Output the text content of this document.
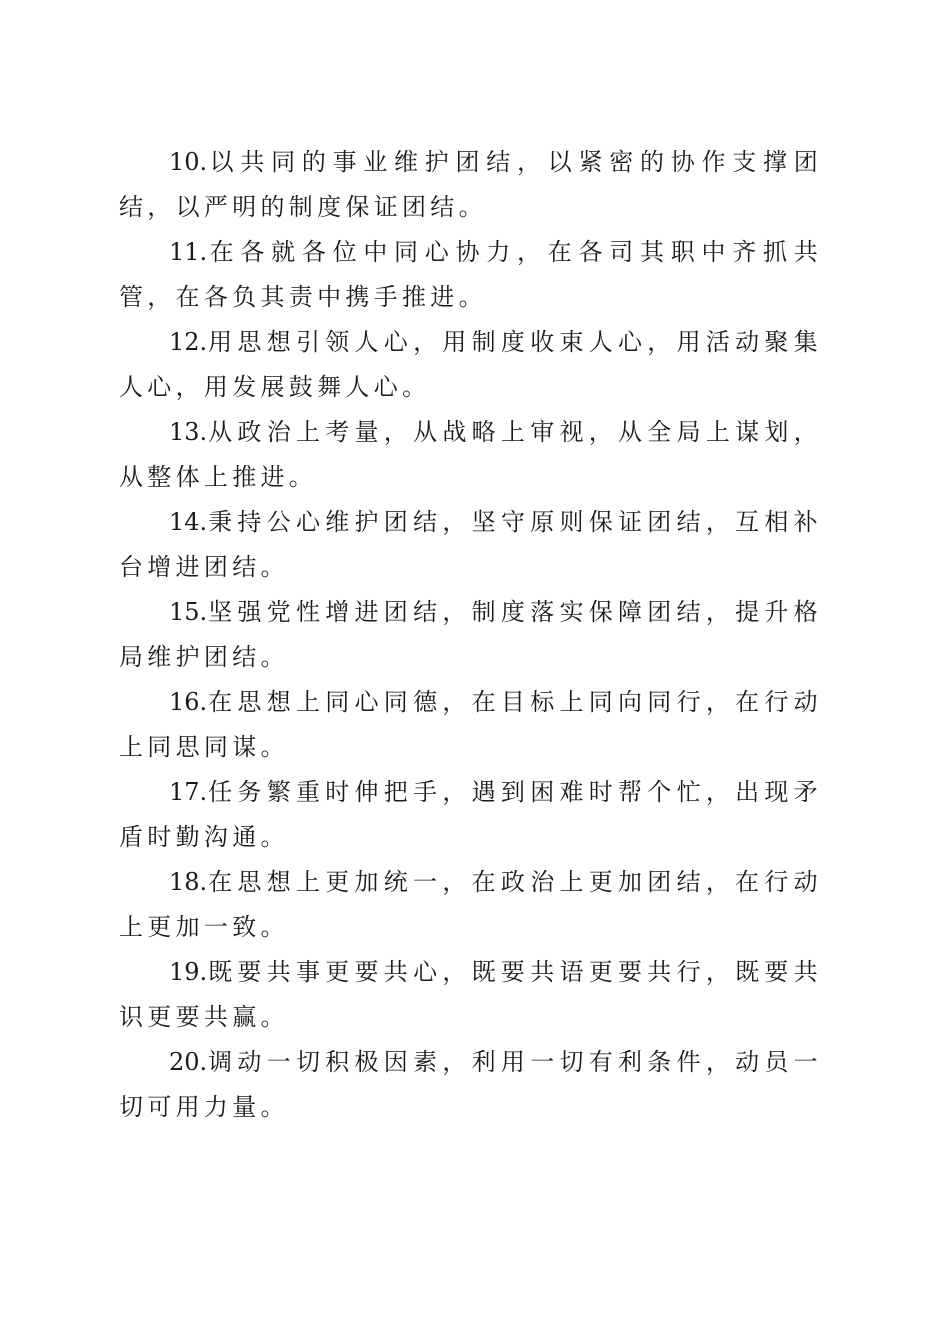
10.以共同的事业维护团结，以紧密的协作支撑团结，以严明的制度保证团结。

11.在各就各位中同心协力，在各司其职中齐抓共管，在各负其责中携手推进。

12.用思想引领人心，用制度收束人心，用活动聚集人心，用发展鼓舞人心。

13.从政治上考量，从战略上审视，从全局上谋划，从整体上推进。

14.秉持公心维护团结，坚守原则保证团结，互相补台增进团结。

15.坚强党性增进团结，制度落实保障团结，提升格局维护团结。

16.在思想上同心同德，在目标上同向同行，在行动上同思同谋。

17.任务繁重时伸把手，遇到困难时帮个忙，出现矛盾时勤沟通。

18.在思想上更加统一，在政治上更加团结，在行动上更加一致。

19.既要共事更要共心，既要共语更要共行，既要共识更要共赢。

20.调动一切积极因素，利用一切有利条件，动员一切可用力量。
